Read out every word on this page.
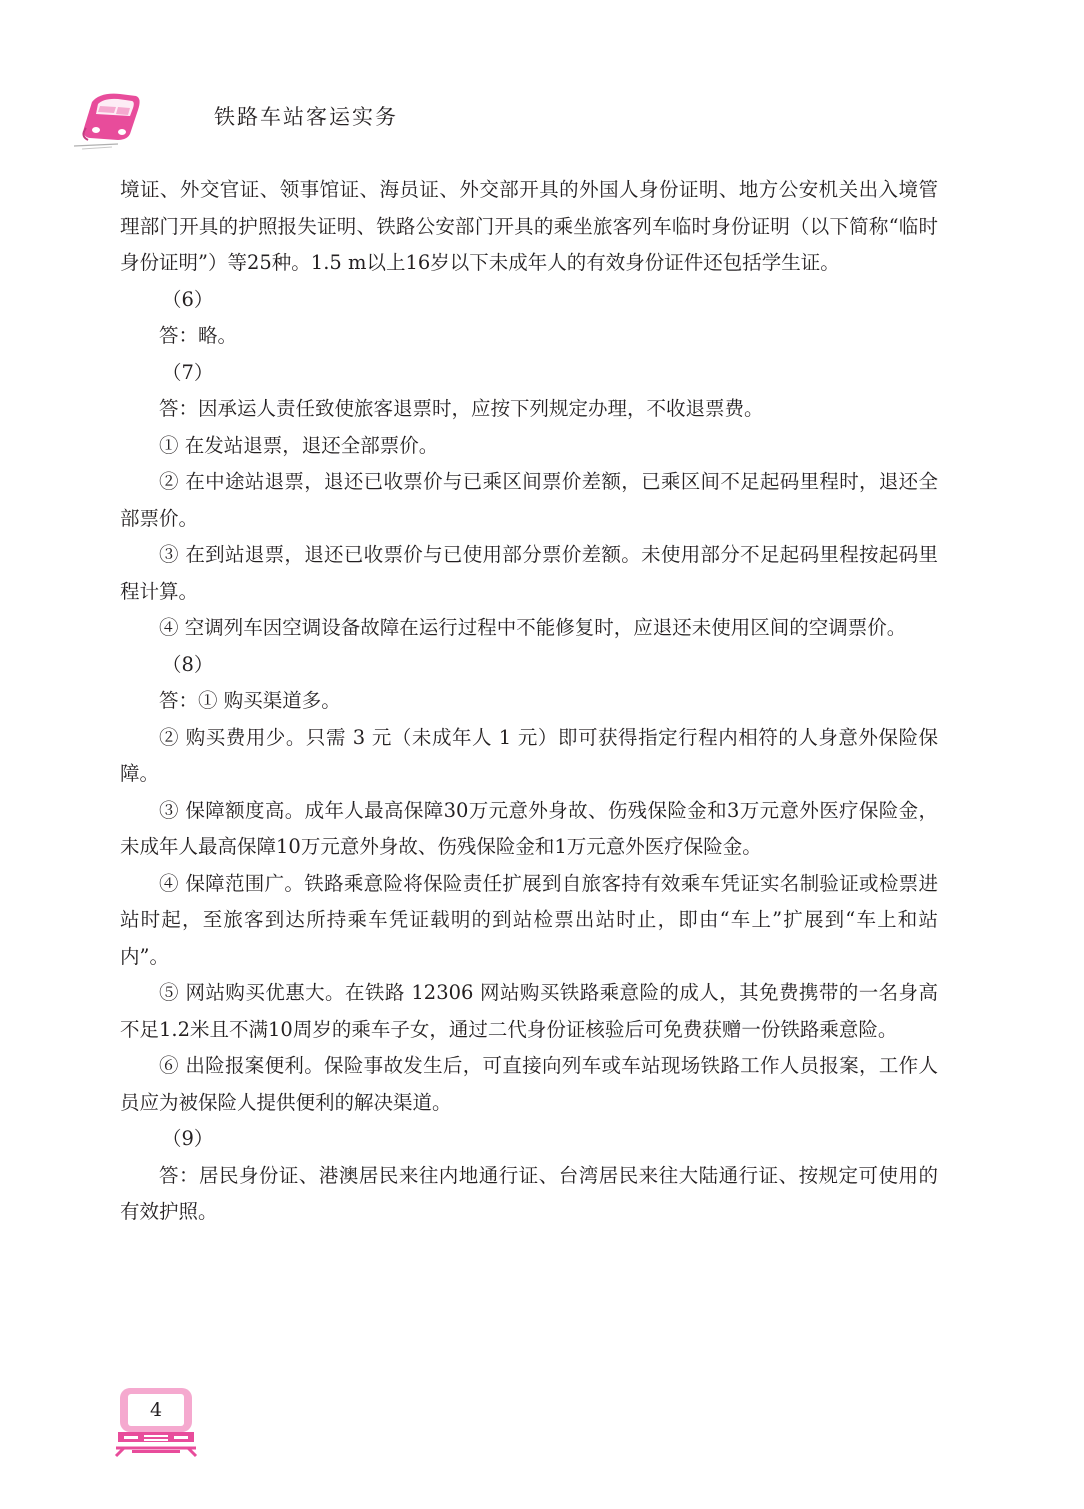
铁路车站客运实务

境证、外交官证、领事馆证、海员证、外交部开具的外国人身份证明、地方公安机关出入境管理部门开具的护照报失证明、铁路公安部门开具的乘坐旅客列车临时身份证明（以下简称“临时身份证明”）等25种。1.5 m以上16岁以下未成年人的有效身份证件还包括学生证。

（6）

答：略。

（7）

答：因承运人责任致使旅客退票时，应按下列规定办理，不收退票费。

① 在发站退票，退还全部票价。

② 在中途站退票，退还已收票价与已乘区间票价差额，已乘区间不足起码里程时，退还全部票价。

③ 在到站退票，退还已收票价与已使用部分票价差额。未使用部分不足起码里程按起码里程计算。

④ 空调列车因空调设备故障在运行过程中不能修复时，应退还未使用区间的空调票价。

（8）

答：① 购买渠道多。

② 购买费用少。只需 3 元（未成年人 1 元）即可获得指定行程内相符的人身意外保险保障。

③ 保障额度高。成年人最高保障30万元意外身故、伤残保险金和3万元意外医疗保险金，未成年人最高保障10万元意外身故、伤残保险金和1万元意外医疗保险金。

④ 保障范围广。铁路乘意险将保险责任扩展到自旅客持有效乘车凭证实名制验证或检票进站时起，至旅客到达所持乘车凭证载明的到站检票出站时止，即由“车上”扩展到“车上和站内”。

⑤ 网站购买优惠大。在铁路 12306 网站购买铁路乘意险的成人，其免费携带的一名身高不足1.2米且不满10周岁的乘车子女，通过二代身份证核验后可免费获赠一份铁路乘意险。

⑥ 出险报案便利。保险事故发生后，可直接向列车或车站现场铁路工作人员报案，工作人员应为被保险人提供便利的解决渠道。

（9）

答：居民身份证、港澳居民来往内地通行证、台湾居民来往大陆通行证、按规定可使用的有效护照。

4
